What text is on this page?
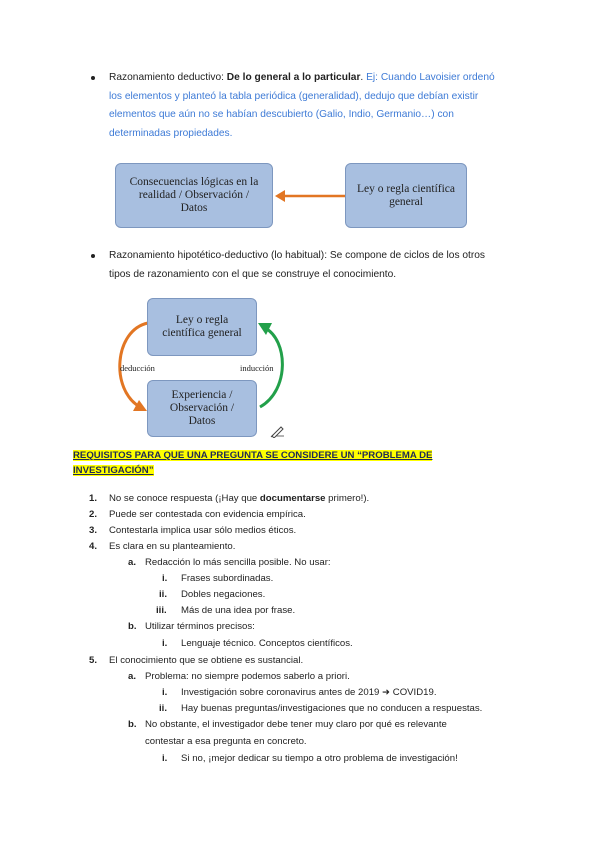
Razonamiento deductivo: De lo general a lo particular. Ej: Cuando Lavoisier ordenó
los elementos y planteó la tabla periódica (generalidad), dedujo que debían existir
elementos que aún no se habían descubierto (Galio, Indio, Germanio…) con
determinadas propiedades.
Consecuencias lógicas en la
realidad / Observación /
Datos
Ley o regla científica
general
Razonamiento hipotético-deductivo (lo habitual): Se compone de ciclos de los otros
tipos de razonamiento con el que se construye el conocimiento.
Ley o regla
científica general
Experiencia /
Observación /
Datos
deducción	inducción
REQUISITOS PARA QUE UNA PREGUNTA SE CONSIDERE UN “PROBLEMA DE
INVESTIGACIÓN”
1. No se conoce respuesta (¡Hay que documentarse primero!).
2. Puede ser contestada con evidencia empírica.
3. Contestarla implica usar sólo medios éticos.
4. Es clara en su planteamiento.
a. Redacción lo más sencilla posible. No usar:
i. Frases subordinadas.
ii. Dobles negaciones.
iii. Más de una idea por frase.
b. Utilizar términos precisos:
i. Lenguaje técnico. Conceptos científicos.
5. El conocimiento que se obtiene es sustancial.
a. Problema: no siempre podemos saberlo a priori.
i. Investigación sobre coronavirus antes de 2019 ➜ COVID19.
ii. Hay buenas preguntas/investigaciones que no conducen a respuestas.
b. No obstante, el investigador debe tener muy claro por qué es relevante
contestar a esa pregunta en concreto.
i. Si no, ¡mejor dedicar su tiempo a otro problema de investigación!
